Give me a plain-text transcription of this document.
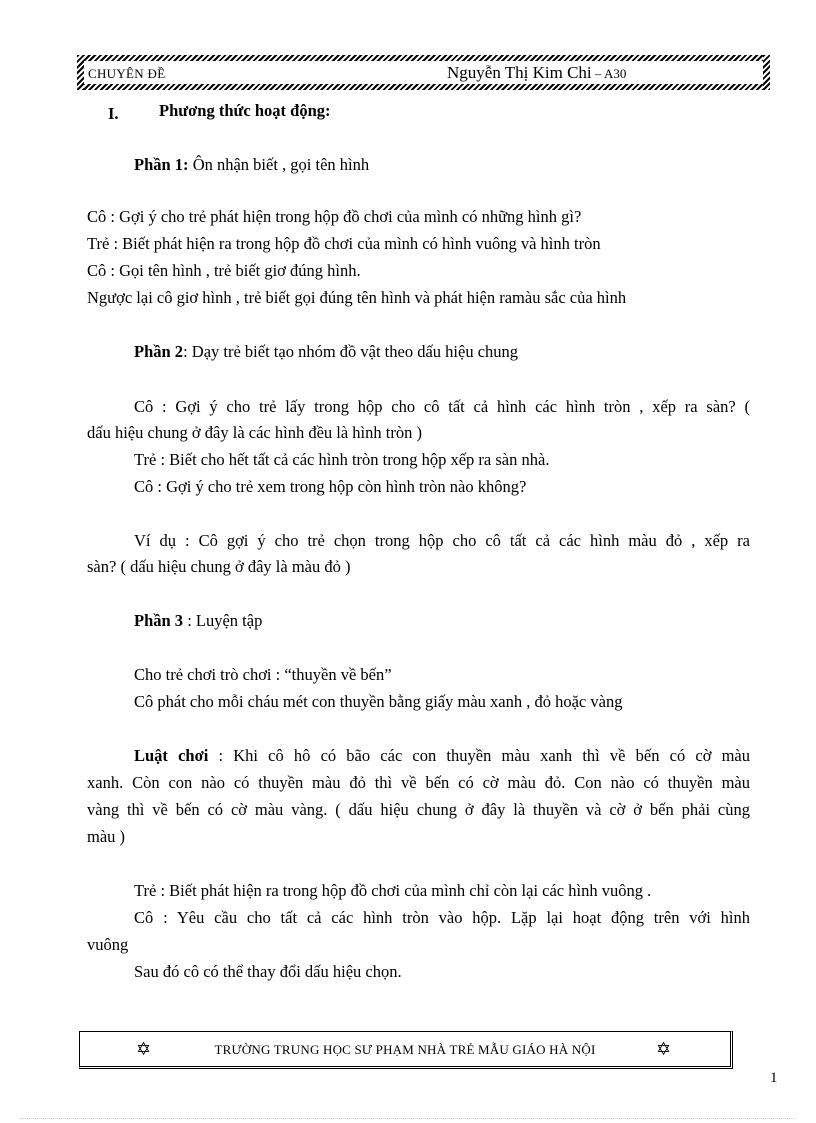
CHUYÊN ĐỀ	Nguyễn Thị Kim Chi – A30
I. Phương thức hoạt động:
Phần 1: Ôn nhận biết , gọi tên hình
Cô : Gợi ý cho trẻ phát hiện trong hộp đồ chơi của mình có những hình gì?
Trẻ : Biết phát hiện ra trong hộp đồ chơi của mình có hình vuông và hình tròn
Cô : Gọi tên hình , trẻ biết giơ đúng hình.
Ngược lại cô giơ hình , trẻ biết gọi đúng tên hình và phát hiện ramàu sắc của hình
Phần 2: Dạy trẻ biết tạo nhóm đồ vật theo dấu hiệu chung
Cô : Gợi ý cho trẻ lấy trong hộp cho cô tất cả hình các hình tròn , xếp ra sàn? (
dấu hiệu chung ở đây là các hình đều là hình tròn )
Trẻ : Biết cho hết tất cả các hình tròn trong hộp xếp ra sàn nhà.
Cô : Gợi ý cho trẻ xem trong hộp còn hình tròn nào không?
Ví dụ : Cô gợi ý cho trẻ chọn trong hộp cho cô tất cả các hình màu đỏ , xếp ra
sàn? ( dấu hiệu chung ở đây là màu đỏ )
Phần 3 : Luyện tập
Cho trẻ chơi trò chơi : “thuyền về bến”
Cô phát cho mỗi cháu mét con thuyền bằng giấy màu xanh , đỏ hoặc vàng
Luật chơi : Khi cô hô có bão các con thuyền màu xanh thì về bến có cờ màu
xanh. Còn con nào có thuyền màu đỏ thì về bến có cờ màu đỏ. Con nào có thuyền màu
vàng thì về bến có cờ màu vàng. ( dấu hiệu chung ở đây là thuyền và cờ ở bến phải cùng
màu )
Trẻ : Biết phát hiện ra trong hộp đồ chơi của mình chỉ còn lại các hình vuông .
Cô : Yêu cầu cho tất cả các hình tròn vào hộp. Lặp lại hoạt động trên với hình
vuông
Sau đó cô có thể thay đổi dấu hiệu chọn.
✡	TRƯỜNG TRUNG HỌC SƯ PHẠM NHÀ TRẺ MẪU GIÁO HÀ NỘI	✡
1
